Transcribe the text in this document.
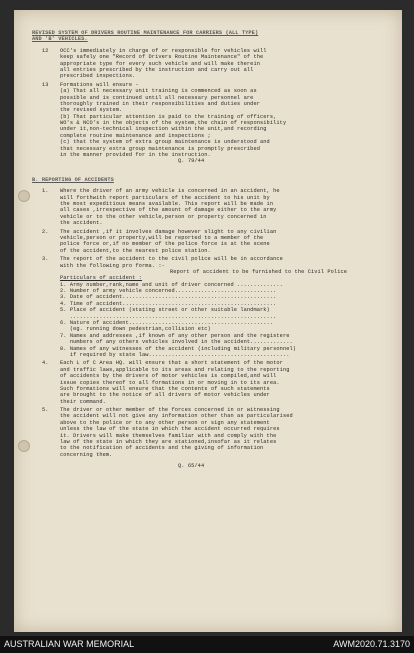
REVISED SYSTEM OF DRIVERS ROUTINE MAINTENANCE FOR CARRIERS (ALL TYPE)
AND 'B' VEHICLES.
12 OCC's immediately in charge of or responsible for vehicles will
keep safely one "Record of Drivers Routine Maintenance" of the
appropriate type for every such vehicle and will make therein
all entries prescribed by the instruction and carry out all
prescribed inspections.
13 Formations will ensure -
(a) That all necessary unit training is commenced as soon as
possible and is continued until all necessary personnel are
thoroughly trained in their responsibilities and duties under
the revised system.
(b) That particular attention is paid to the training of officers,
WO's & NCO's in the objects of the system,the chain of responsibility
under it,non-technical inspection within the unit,and recording
complete routine maintenance and inspections ;
(c) that the system of extra group maintenance is understood and
that necessary extra group maintenance is promptly prescribed
in the manner provided for in the instruction.
Q. 79/44
B. REPORTING OF ACCIDENTS
1. Where the driver of an army vehicle is concerned in an accident, he
will forthwith report particulars of the accident to his unit by
the most expeditious means available. This report will be made in
all cases ,irrespective of the amount of damage either to the army
vehicle or to the other vehicle,person or property concerned in
the accident.
2. The accident ,if it involves damage however slight to any civilian
vehicle,person or property,will be reported to a member of the
police force or,if no member of the police force is at the scene
of the accident,to the nearest police station.
3. The report of the accident to the civil police will be in accordance
with the following pro forma. :-
Report of accident to be furnished to the Civil Police
Particulars of accident :
1. Army number,rank,name and unit of driver concerned ..............
2. Number of army vehicle concerned...............................
3. Date of accident...............................................
4. Time of accident...............................................
5. Place of accident (stating street or other suitable landmark)
...............................................................
6. Nature of accident............................................
(eg. running down pedestrian,collision etc)
7. Names and addresses ,if known of any other person and the registere
numbers of any others vehicles involved in the accident.............
8. Names of any witnesses of the accident (including military personnel)
if required by state law...........................................
4. Each L of C Area HQ. will ensure that a short statement of the motor
and traffic laws,applicable to its areas and relating to the reporting
of accidents by the drivers of motor vehicles is compiled,and will
issue copies thereof to all formations in or moving in to its area.
Such formations will ensure that the contents of such statements
are brought to the notice of all drivers of motor vehicles under
their command.
5. The driver or other member of the forces concerned in or witnessing
the accident will not give any information other than as particularised
above to the police or to any other person or sign any statement
unless the law of the state in which the accident occurred requires
it. Drivers will make themselves familiar with and comply with the
law of the state in which they are stationed,insofar as it relates
to the notification of accidents and the giving of information
concerning them.
Q. 65/44
AUSTRALIAN WAR MEMORIAL	AWM2020.71.3170
